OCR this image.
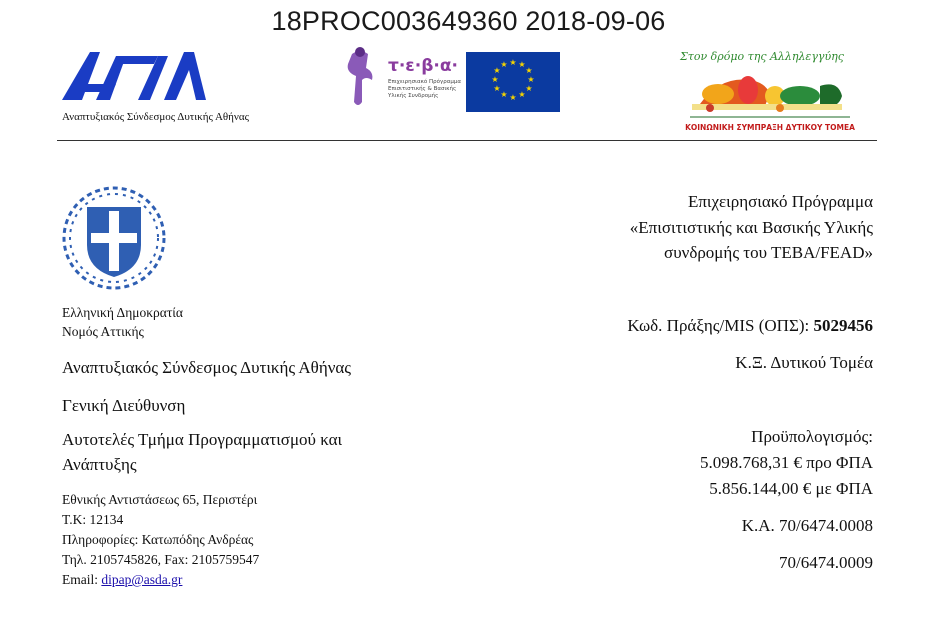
18PROC003649360 2018-09-06
Αναπτυξιακός Σύνδεσμος Δυτικής Αθήνας
τ·ε·β·α·
Επιχειρησιακό Πρόγραμμα
Επισιτιστικής & Βασικής
Υλικής Συνδρομής
★ ★
★
★
★
★
★
★
★
★
★
★
Στον δρόμο της Αλληλεγγύης
ΚΟΙΝΩΝΙΚΗ ΣΥΜΠΡΑΞΗ ΔΥΤΙΚΟΥ ΤΟΜΕΑ
Ελληνική Δημοκρατία
Νομός Αττικής
Αναπτυξιακός Σύνδεσμος Δυτικής Αθήνας
Γενική Διεύθυνση
Αυτοτελές Τμήμα Προγραμματισμού και Ανάπτυξης
Εθνικής Αντιστάσεως 65, Περιστέρι
Τ.Κ: 12134
Πληροφορίες: Κατωπόδης Ανδρέας
Τηλ. 2105745826, Fax: 2105759547
Email: dipap@asda.gr
Επιχειρησιακό Πρόγραμμα
«Επισιτιστικής και Βασικής Υλικής
συνδρομής του ΤΕΒΑ/FEAD»
Κωδ. Πράξης/MIS (ΟΠΣ): 5029456
Κ.Ξ. Δυτικού Τομέα
Προϋπολογισμός:
5.098.768,31 € προ ΦΠΑ
5.856.144,00 € με ΦΠΑ
Κ.Α. 70/6474.0008
70/6474.0009
